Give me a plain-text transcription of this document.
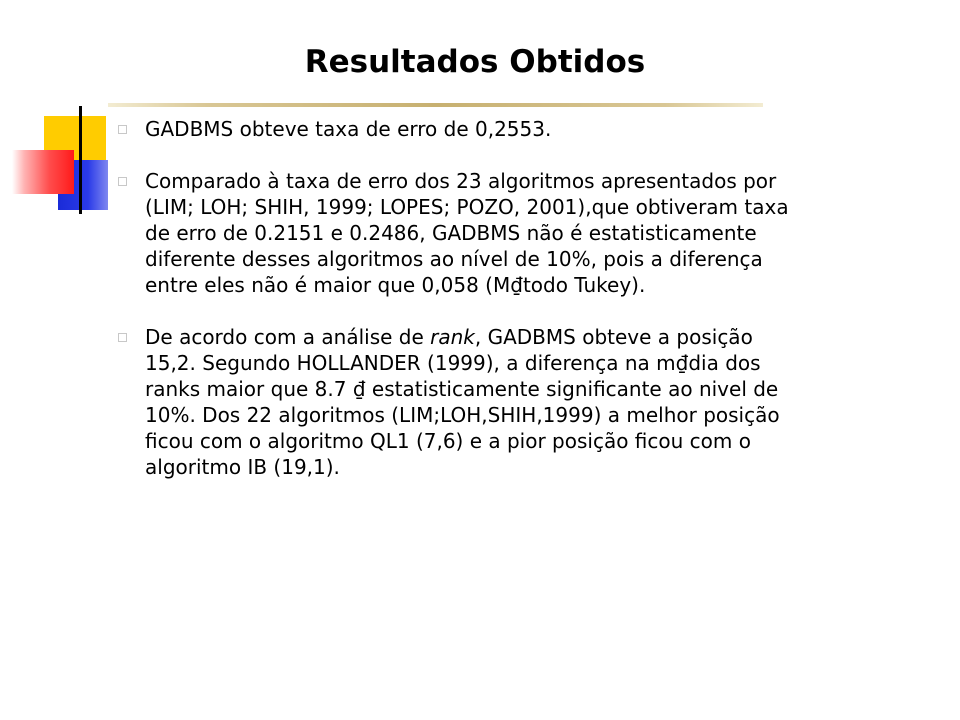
Resultados Obtidos
GADBMS obteve taxa de erro de 0,2553.
Comparado à taxa de erro dos 23 algoritmos apresentados por (LIM; LOH; SHIH, 1999; LOPES; POZO, 2001),que obtiveram taxa de erro de 0.2151 e 0.2486, GADBMS não é estatisticamente diferente desses algoritmos ao nível de 10%, pois a diferença entre eles não é maior que 0,058 (M₫todo Tukey).
De acordo com a análise de rank, GADBMS obteve a posição 15,2. Segundo HOLLANDER (1999), a diferença na m₫dia dos ranks maior que 8.7 ₫ estatisticamente significante ao nivel de 10%. Dos 22 algoritmos (LIM;LOH,SHIH,1999) a melhor posição ficou com o algoritmo QL1 (7,6) e a pior posição ficou com o algoritmo IB (19,1).
